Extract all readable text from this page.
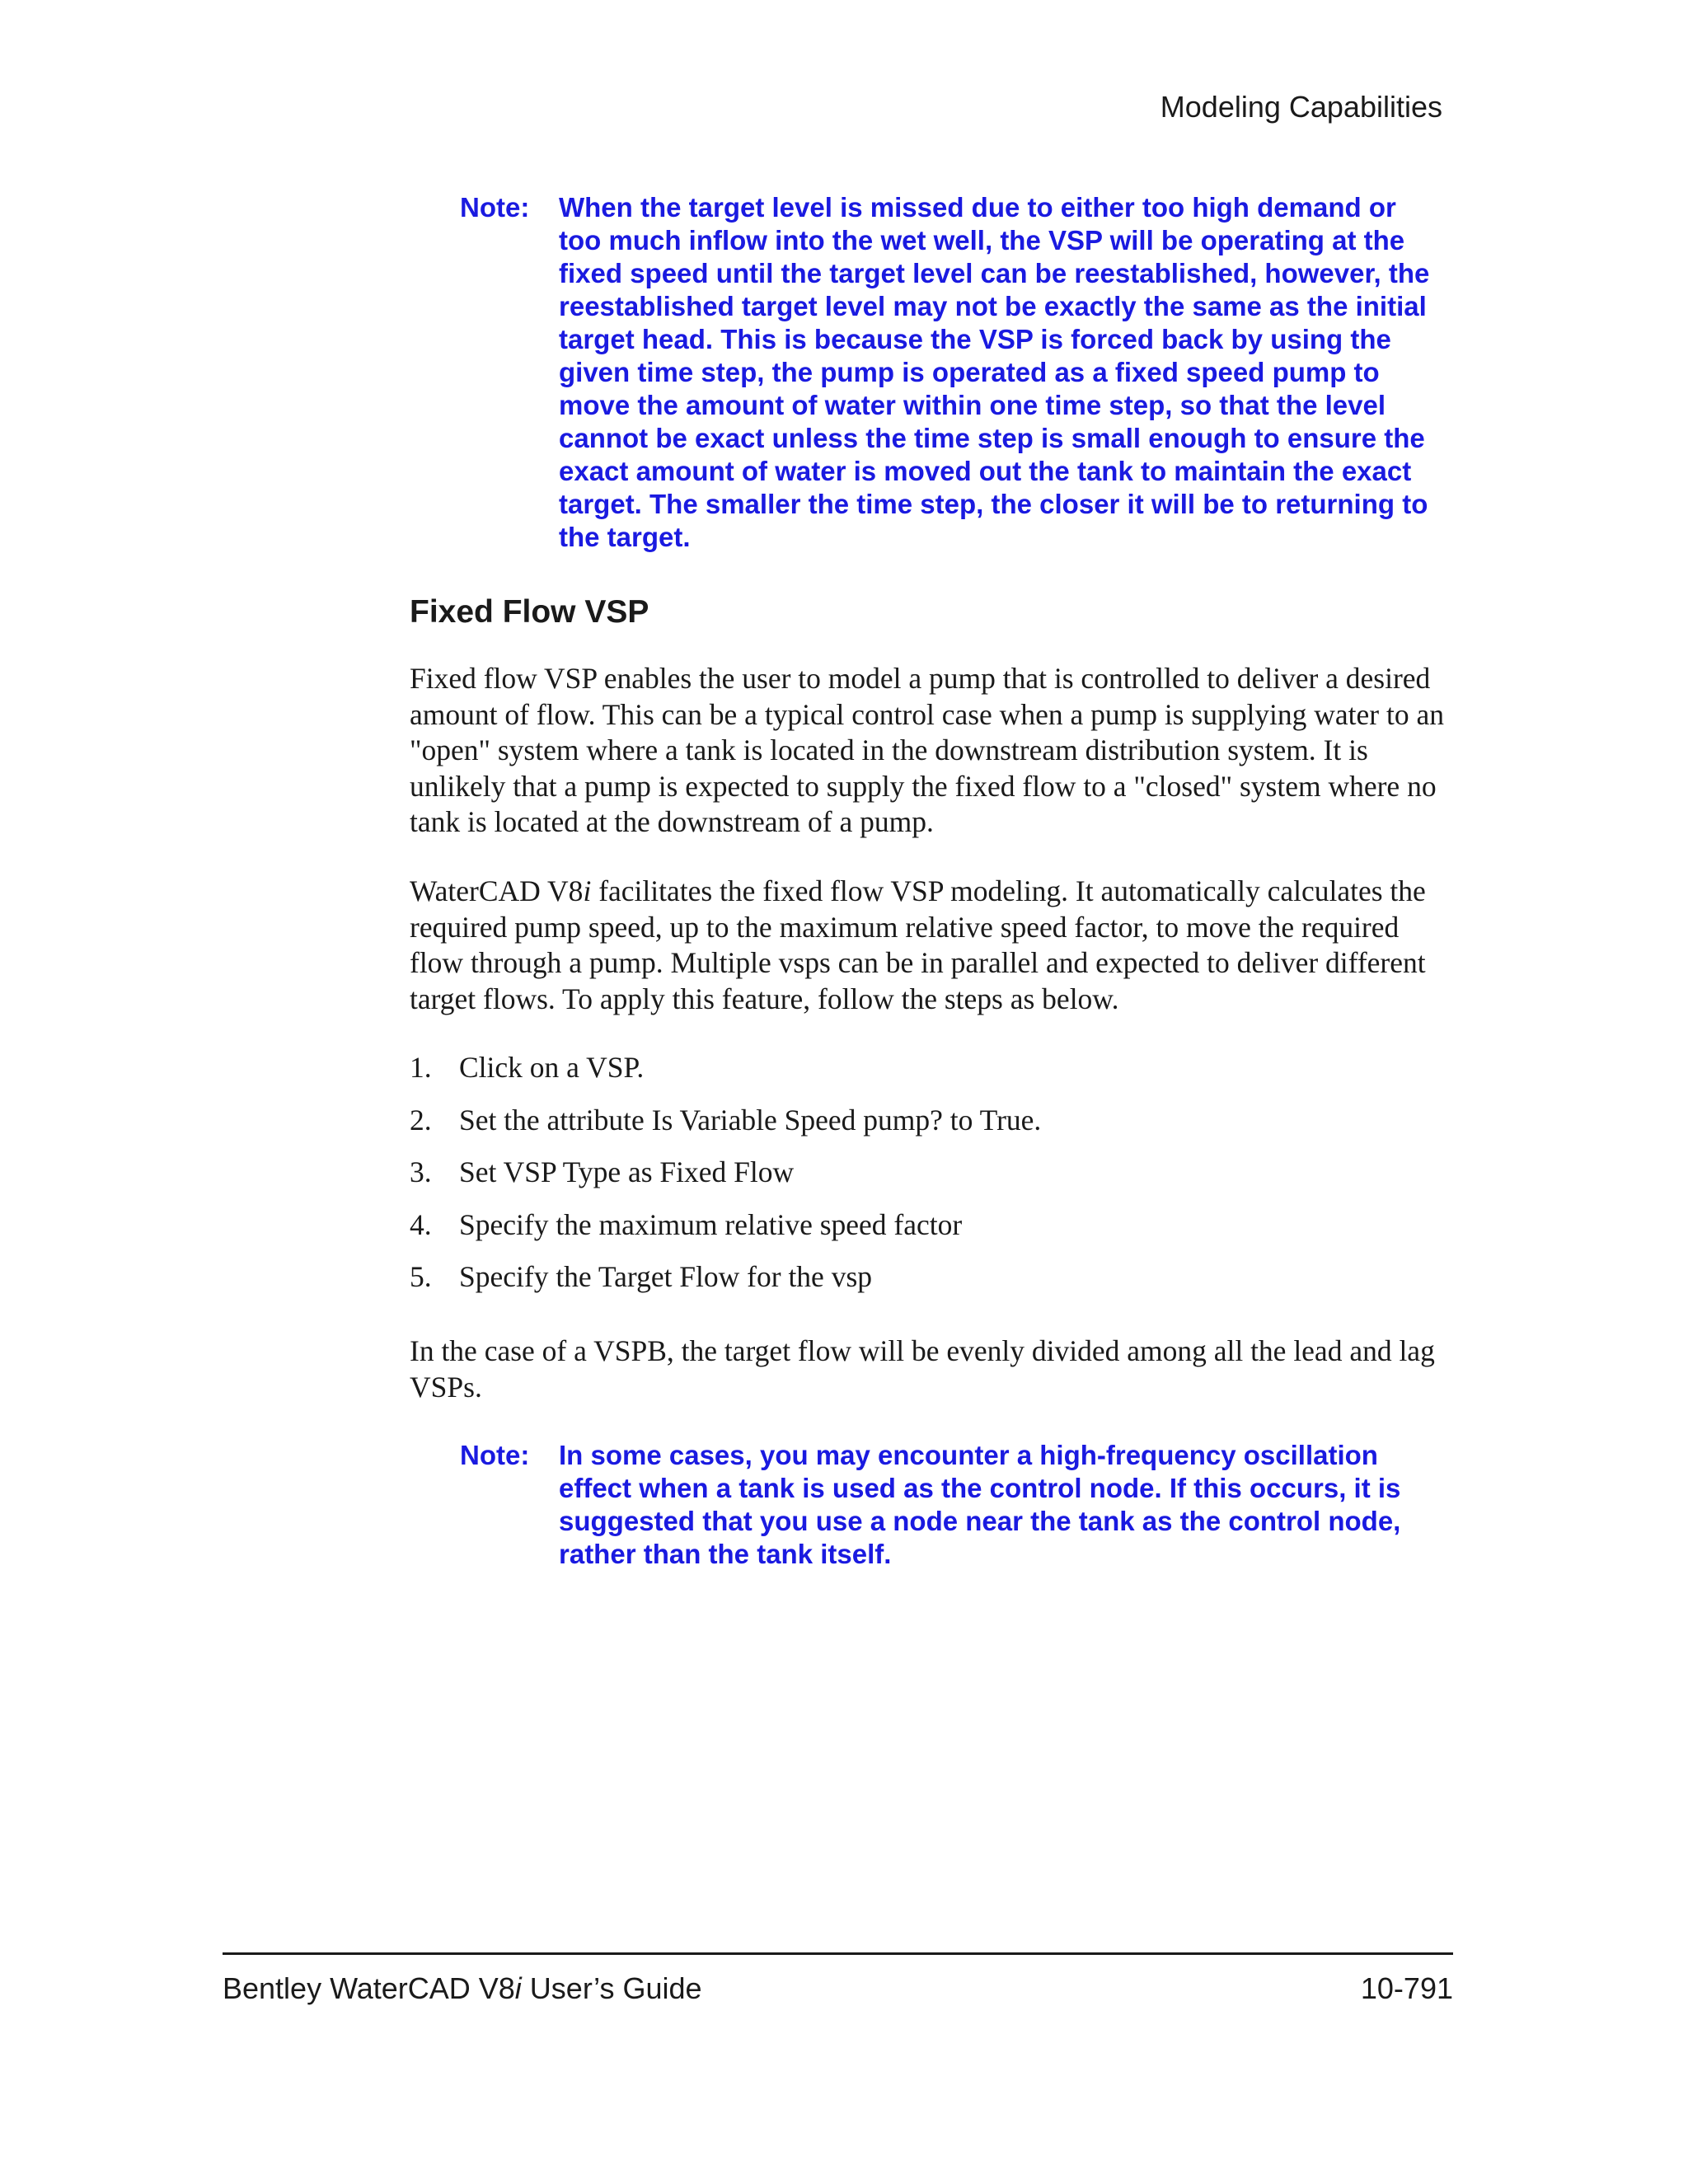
Modeling Capabilities
Note:	When the target level is missed due to either too high demand or too much inflow into the wet well, the VSP will be operating at the fixed speed until the target level can be reestablished, however, the reestablished target level may not be exactly the same as the initial target head. This is because the VSP is forced back by using the given time step, the pump is operated as a fixed speed pump to move the amount of water within one time step, so that the level cannot be exact unless the time step is small enough to ensure the exact amount of water is moved out the tank to maintain the exact target. The smaller the time step, the closer it will be to returning to the target.
Fixed Flow VSP

Fixed flow VSP enables the user to model a pump that is controlled to deliver a desired amount of flow. This can be a typical control case when a pump is supplying water to an "open" system where a tank is located in the downstream distribution system. It is unlikely that a pump is expected to supply the fixed flow to a "closed" system where no tank is located at the downstream of a pump.

WaterCAD V8i facilitates the fixed flow VSP modeling. It automatically calculates the required pump speed, up to the maximum relative speed factor, to move the required flow through a pump. Multiple vsps can be in parallel and expected to deliver different target flows. To apply this feature, follow the steps as below.

1. Click on a VSP.
2. Set the attribute Is Variable Speed pump? to True.
3. Set VSP Type as Fixed Flow
4. Specify the maximum relative speed factor
5. Specify the Target Flow for the vsp

In the case of a VSPB, the target flow will be evenly divided among all the lead and lag VSPs.

Note:	In some cases, you may encounter a high-frequency oscillation effect when a tank is used as the control node. If this occurs, it is suggested that you use a node near the tank as the control node, rather than the tank itself.
Bentley WaterCAD V8i User’s Guide	10-791
